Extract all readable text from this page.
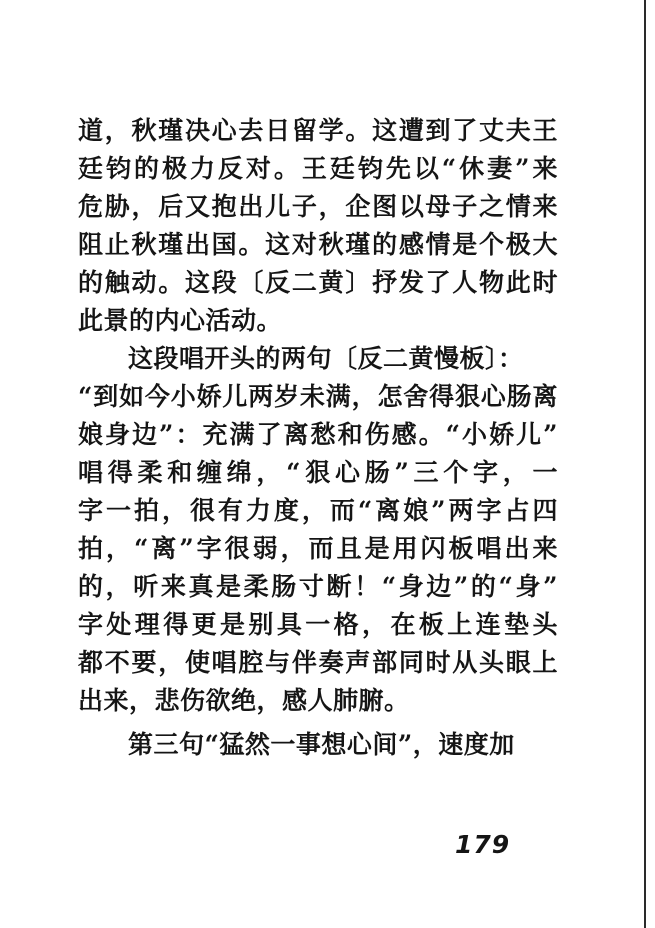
道，秋瑾决心去日留学。这遭到了丈夫王
廷钧的极力反对。王廷钧先以“休妻”来
危胁，后又抱出儿子，企图以母子之情来
阻止秋瑾出国。这对秋瑾的感情是个极大
的触动。这段〔反二黄〕抒发了人物此时
此景的内心活动。
这段唱开头的两句〔反二黄慢板〕：
“到如今小娇儿两岁未满，怎舍得狠心肠离
娘身边”：充满了离愁和伤感。“小娇儿”
唱得柔和缠绵，“狠心肠”三个字，一
字一拍，很有力度，而“离娘”两字占四
拍，“离”字很弱，而且是用闪板唱出来
的，听来真是柔肠寸断！“身边”的“身”
字处理得更是别具一格，在板上连垫头
都不要，使唱腔与伴奏声部同时从头眼上
出来，悲伤欲绝，感人肺腑。
第三句“猛然一事想心间”，速度加
179
